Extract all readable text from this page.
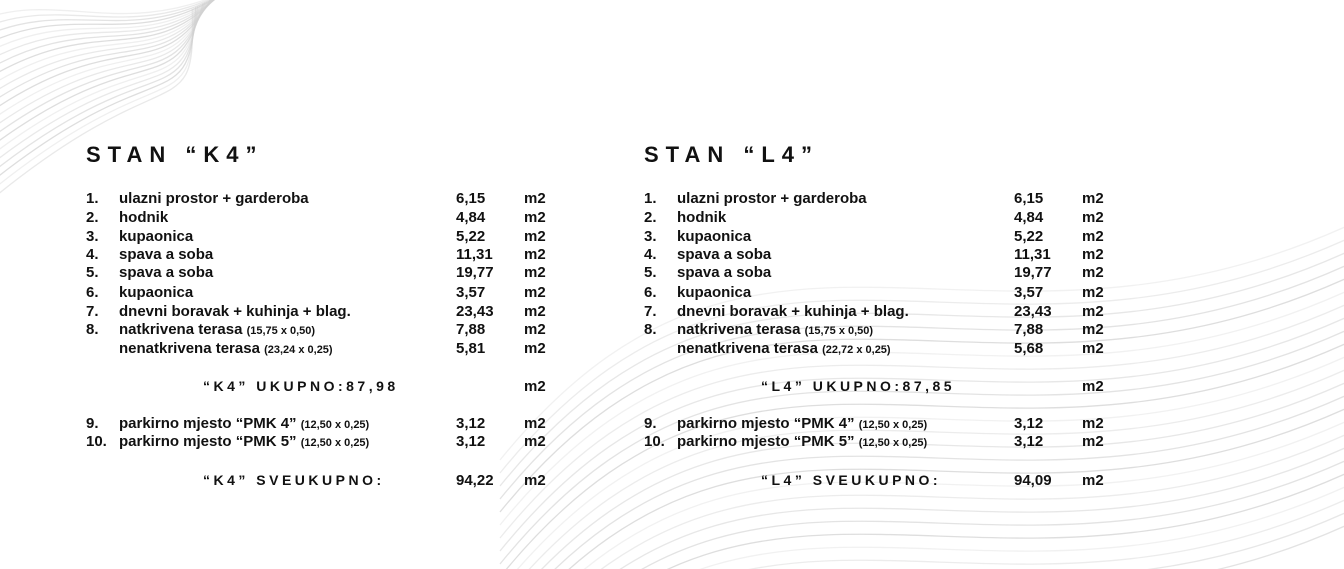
STAN “K4”
1. ulazni prostor + garderoba	6,15	m2
2. hodnik	4,84	m2
3. kupaonica	5,22	m2
4. spava a soba	11,31 m2
5. spava a soba	19,77 m2
6. kupaonica	3,57	m2
7. dnevni boravak + kuhinja + blag.	23,43 m2
8. natkrivena terasa (15,75 x 0,50)	7,88	m2
nenatkrivena terasa (23,24 x 0,25)	5,81	m2
“K4” UKUPNO:87,98	m2
9. parkirno mjesto “PMK 4” (12,50 x 0,25)	3,12	m2
10. parkirno mjesto “PMK 5” (12,50 x 0,25)	3,12	m2
“K4” SVEUKUPNO:	94,22 m2
STAN “L4”
1. ulazni prostor + garderoba	6,15	m2
2. hodnik	4,84	m2
3. kupaonica	5,22	m2
4. spava a soba	11,31 m2
5. spava a soba	19,77 m2
6. kupaonica	3,57	m2
7. dnevni boravak + kuhinja + blag.	23,43 m2
8. natkrivena terasa (15,75 x 0,50)	7,88	m2
nenatkrivena terasa (22,72 x 0,25)	5,68	m2
“L4” UKUPNO:87,85	m2
9. parkirno mjesto “PMK 4” (12,50 x 0,25)	3,12	m2
10. parkirno mjesto “PMK 5” (12,50 x 0,25)	3,12	m2
“L4” SVEUKUPNO:	94,09 m2
